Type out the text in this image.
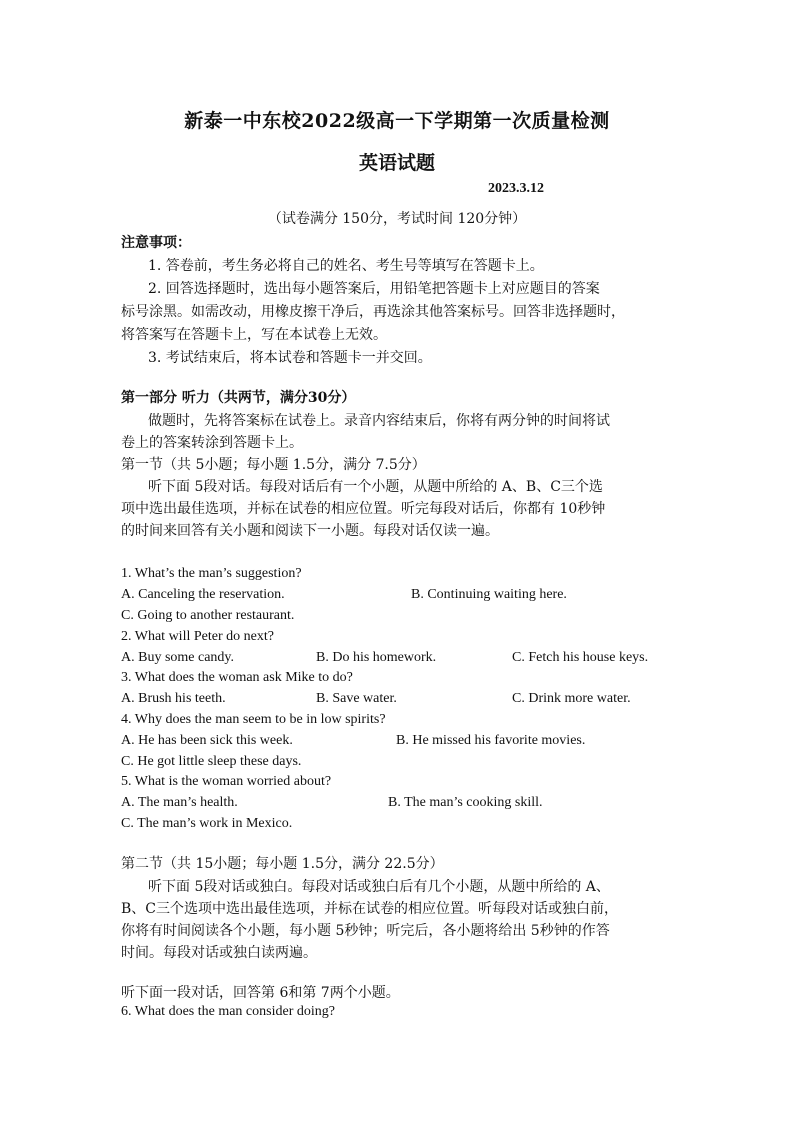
新泰一中东校2022级高一下学期第一次质量检测
英语试题
2023.3.12
（试卷满分 150分，考试时间 120分钟）
注意事项：
1. 答卷前，考生务必将自己的姓名、考生号等填写在答题卡上。
2. 回答选择题时，选出每小题答案后，用铅笔把答题卡上对应题目的答案
标号涂黑。如需改动，用橡皮擦干净后，再选涂其他答案标号。回答非选择题时，
将答案写在答题卡上，写在本试卷上无效。
3. 考试结束后，将本试卷和答题卡一并交回。
第一部分 听力（共两节，满分30分）
做题时，先将答案标在试卷上。录音内容结束后，你将有两分钟的时间将试
卷上的答案转涂到答题卡上。
第一节（共 5小题；每小题 1.5分，满分 7.5分）
听下面 5段对话。每段对话后有一个小题，从题中所给的 A、B、C三个选
项中选出最佳选项，并标在试卷的相应位置。听完每段对话后，你都有 10秒钟
的时间来回答有关小题和阅读下一小题。每段对话仅读一遍。
1. What’s the man’s suggestion?
A. Canceling the reservation.	B. Continuing waiting here.
C. Going to another restaurant.
2. What will Peter do next?
A. Buy some candy.	B. Do his homework.	C. Fetch his house keys.
3. What does the woman ask Mike to do?
A. Brush his teeth.	B. Save water.	C. Drink more water.
4. Why does the man seem to be in low spirits?
A. He has been sick this week.	B. He missed his favorite movies.
C. He got little sleep these days.
5. What is the woman worried about?
A. The man’s health.	B. The man’s cooking skill.
C. The man’s work in Mexico.
第二节（共 15小题；每小题 1.5分，满分 22.5分）
听下面 5段对话或独白。每段对话或独白后有几个小题，从题中所给的 A、
B、C三个选项中选出最佳选项，并标在试卷的相应位置。听每段对话或独白前，
你将有时间阅读各个小题，每小题 5秒钟；听完后，各小题将给出 5秒钟的作答
时间。每段对话或独白读两遍。
听下面一段对话，回答第 6和第 7两个小题。
6. What does the man consider doing?
